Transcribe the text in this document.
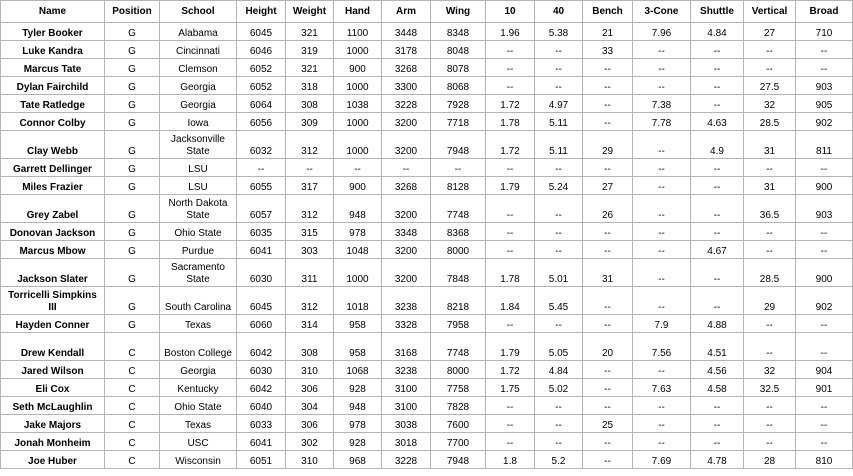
Name	Position	School	Height	Weight	Hand	Arm	Wing	10	40	Bench	3-Cone	Shuttle	Vertical	Broad
Tyler Booker	G	Alabama	6045	321	1100	3448	8348	1.96	5.38	21	7.96	4.84	27	710
Luke Kandra	G	Cincinnati	6046	319	1000	3178	8048	--	--	33	--	--	--	--
Marcus Tate	G	Clemson	6052	321	900	3268	8078	--	--	--	--	--	--	--
Dylan Fairchild	G	Georgia	6052	318	1000	3300	8068	--	--	--	--	--	27.5	903
Tate Ratledge	G	Georgia	6064	308	1038	3228	7928	1.72	4.97	--	7.38	--	32	905
Connor Colby	G	Iowa	6056	309	1000	3200	7718	1.78	5.11	--	7.78	4.63	28.5	902
Clay Webb	G	Jacksonville State	6032	312	1000	3200	7948	1.72	5.11	29	--	4.9	31	811
Garrett Dellinger	G	LSU	--	--	--	--	--	--	--	--	--	--	--	--
Miles Frazier	G	LSU	6055	317	900	3268	8128	1.79	5.24	27	--	--	31	900
Grey Zabel	G	North Dakota State	6057	312	948	3200	7748	--	--	26	--	--	36.5	903
Donovan Jackson	G	Ohio State	6035	315	978	3348	8368	--	--	--	--	--	--	--
Marcus Mbow	G	Purdue	6041	303	1048	3200	8000	--	--	--	--	4.67	--	--
Jackson Slater	G	Sacramento State	6030	311	1000	3200	7848	1.78	5.01	31	--	--	28.5	900
Torricelli Simpkins III	G	South Carolina	6045	312	1018	3238	8218	1.84	5.45	--	--	--	29	902
Hayden Conner	G	Texas	6060	314	958	3328	7958	--	--	--	7.9	4.88	--	--
Drew Kendall	C	Boston College	6042	308	958	3168	7748	1.79	5.05	20	7.56	4.51	--	--
Jared Wilson	C	Georgia	6030	310	1068	3238	8000	1.72	4.84	--	--	4.56	32	904
Eli Cox	C	Kentucky	6042	306	928	3100	7758	1.75	5.02	--	7.63	4.58	32.5	901
Seth McLaughlin	C	Ohio State	6040	304	948	3100	7828	--	--	--	--	--	--	--
Jake Majors	C	Texas	6033	306	978	3038	7600	--	--	25	--	--	--	--
Jonah Monheim	C	USC	6041	302	928	3018	7700	--	--	--	--	--	--	--
Joe Huber	C	Wisconsin	6051	310	968	3228	7948	1.8	5.2	--	7.69	4.78	28	810
